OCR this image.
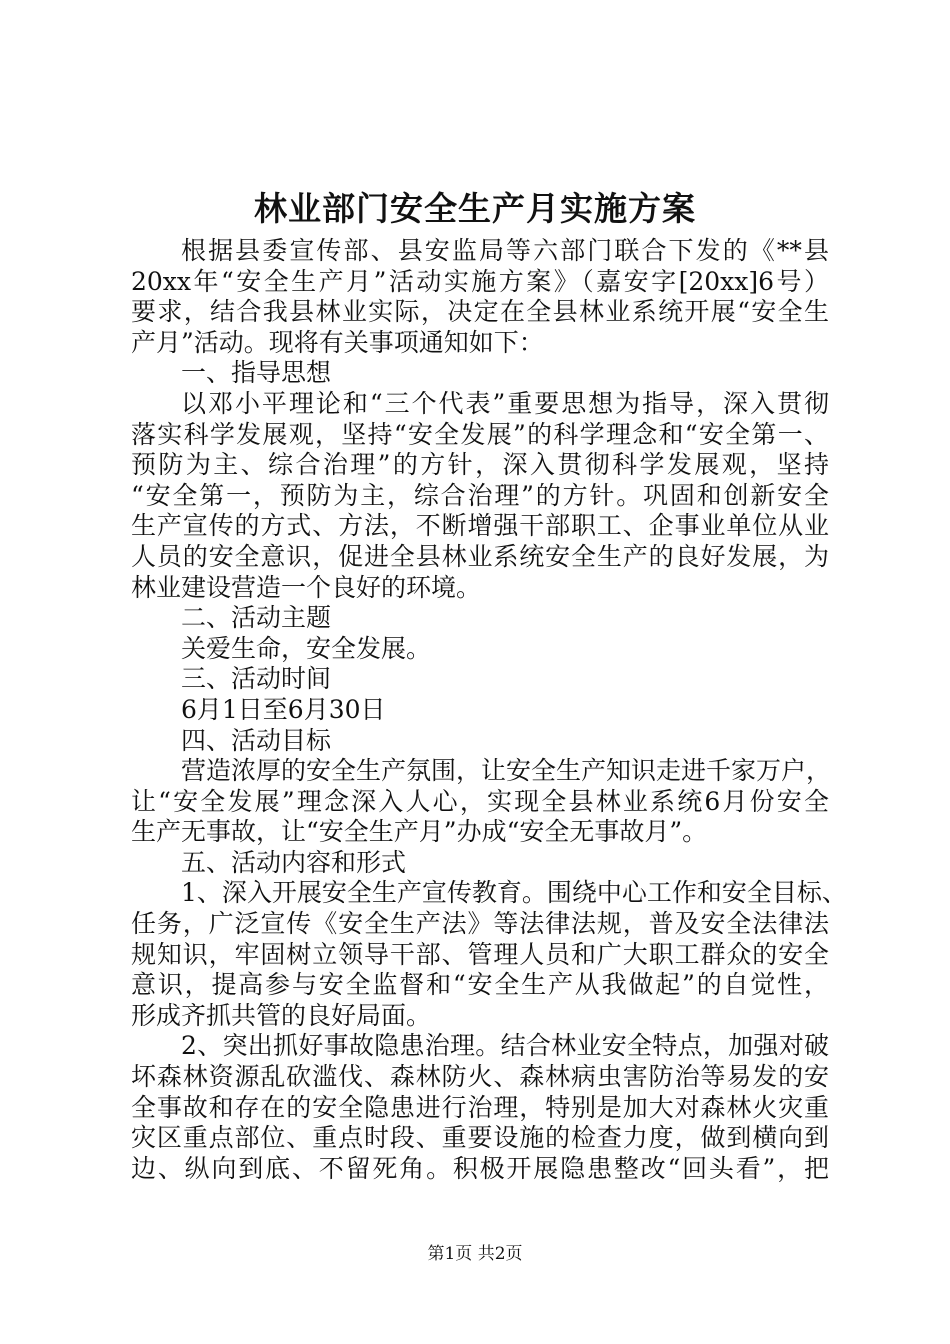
林业部门安全生产月实施方案
根据县委宣传部、县安监局等六部门联合下发的《**县
20xx年“安全生产月”活动实施方案》（嘉安字[20xx]6号）
要求，结合我县林业实际，决定在全县林业系统开展“安全生
产月”活动。现将有关事项通知如下：
一、指导思想
以邓小平理论和“三个代表”重要思想为指导，深入贯彻
落实科学发展观，坚持“安全发展”的科学理念和“安全第一、
预防为主、综合治理”的方针，深入贯彻科学发展观，坚持
“安全第一，预防为主，综合治理”的方针。巩固和创新安全
生产宣传的方式、方法，不断增强干部职工、企事业单位从业
人员的安全意识，促进全县林业系统安全生产的良好发展，为
林业建设营造一个良好的环境。
二、活动主题
关爱生命，安全发展。
三、活动时间
6月1日至6月30日
四、活动目标
营造浓厚的安全生产氛围，让安全生产知识走进千家万户，
让“安全发展”理念深入人心，实现全县林业系统6月份安全
生产无事故，让“安全生产月”办成“安全无事故月”。
五、活动内容和形式
1、深入开展安全生产宣传教育。围绕中心工作和安全目标、
任务，广泛宣传《安全生产法》等法律法规，普及安全法律法
规知识，牢固树立领导干部、管理人员和广大职工群众的安全
意识，提高参与安全监督和“安全生产从我做起”的自觉性，
形成齐抓共管的良好局面。
2、突出抓好事故隐患治理。结合林业安全特点，加强对破
坏森林资源乱砍滥伐、森林防火、森林病虫害防治等易发的安
全事故和存在的安全隐患进行治理，特别是加大对森林火灾重
灾区重点部位、重点时段、重要设施的检查力度，做到横向到
边、纵向到底、不留死角。积极开展隐患整改“回头看”，把
第1页 共2页
